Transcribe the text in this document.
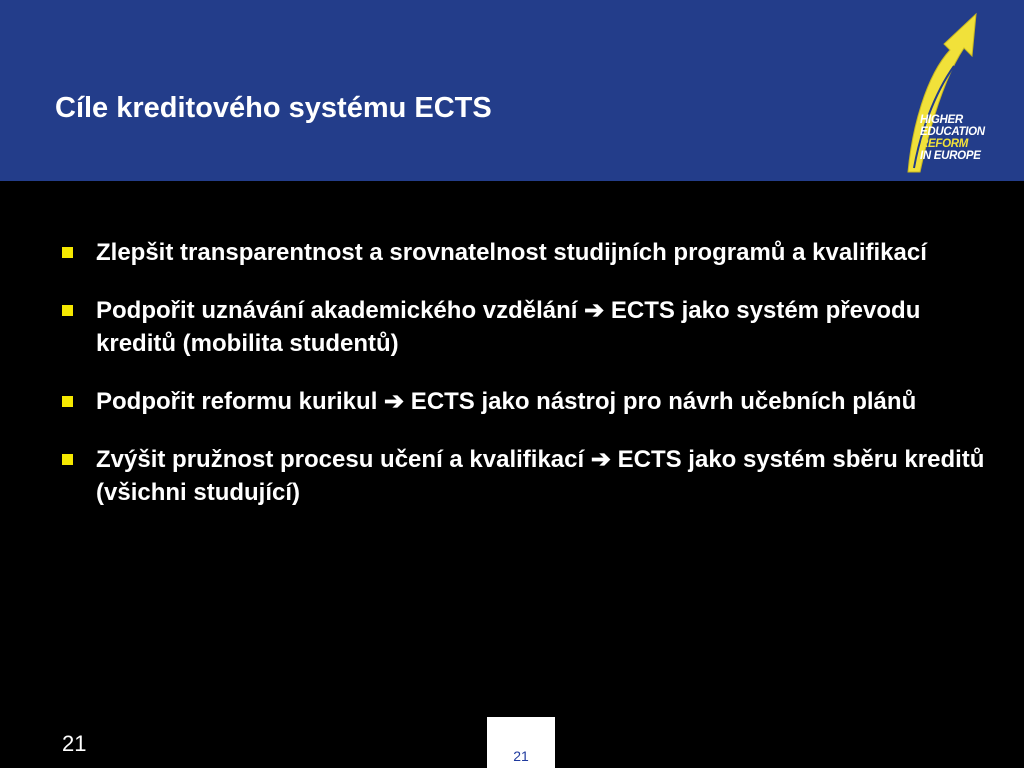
Cíle kreditového systému ECTS	HIGHER
EDUCATION
REFORM
IN EUROPE
Zlepšit transparentnost a srovnatelnost studijních programů a kvalifikací
Podpořit uznávání akademického vzdělání ➔ ECTS jako systém převodu kreditů (mobilita studentů)
Podpořit reformu kurikul ➔ ECTS jako nástroj pro návrh učebních plánů
Zvýšit pružnost procesu učení a kvalifikací ➔ ECTS jako systém sběru kreditů (všichni studující)
21	21
